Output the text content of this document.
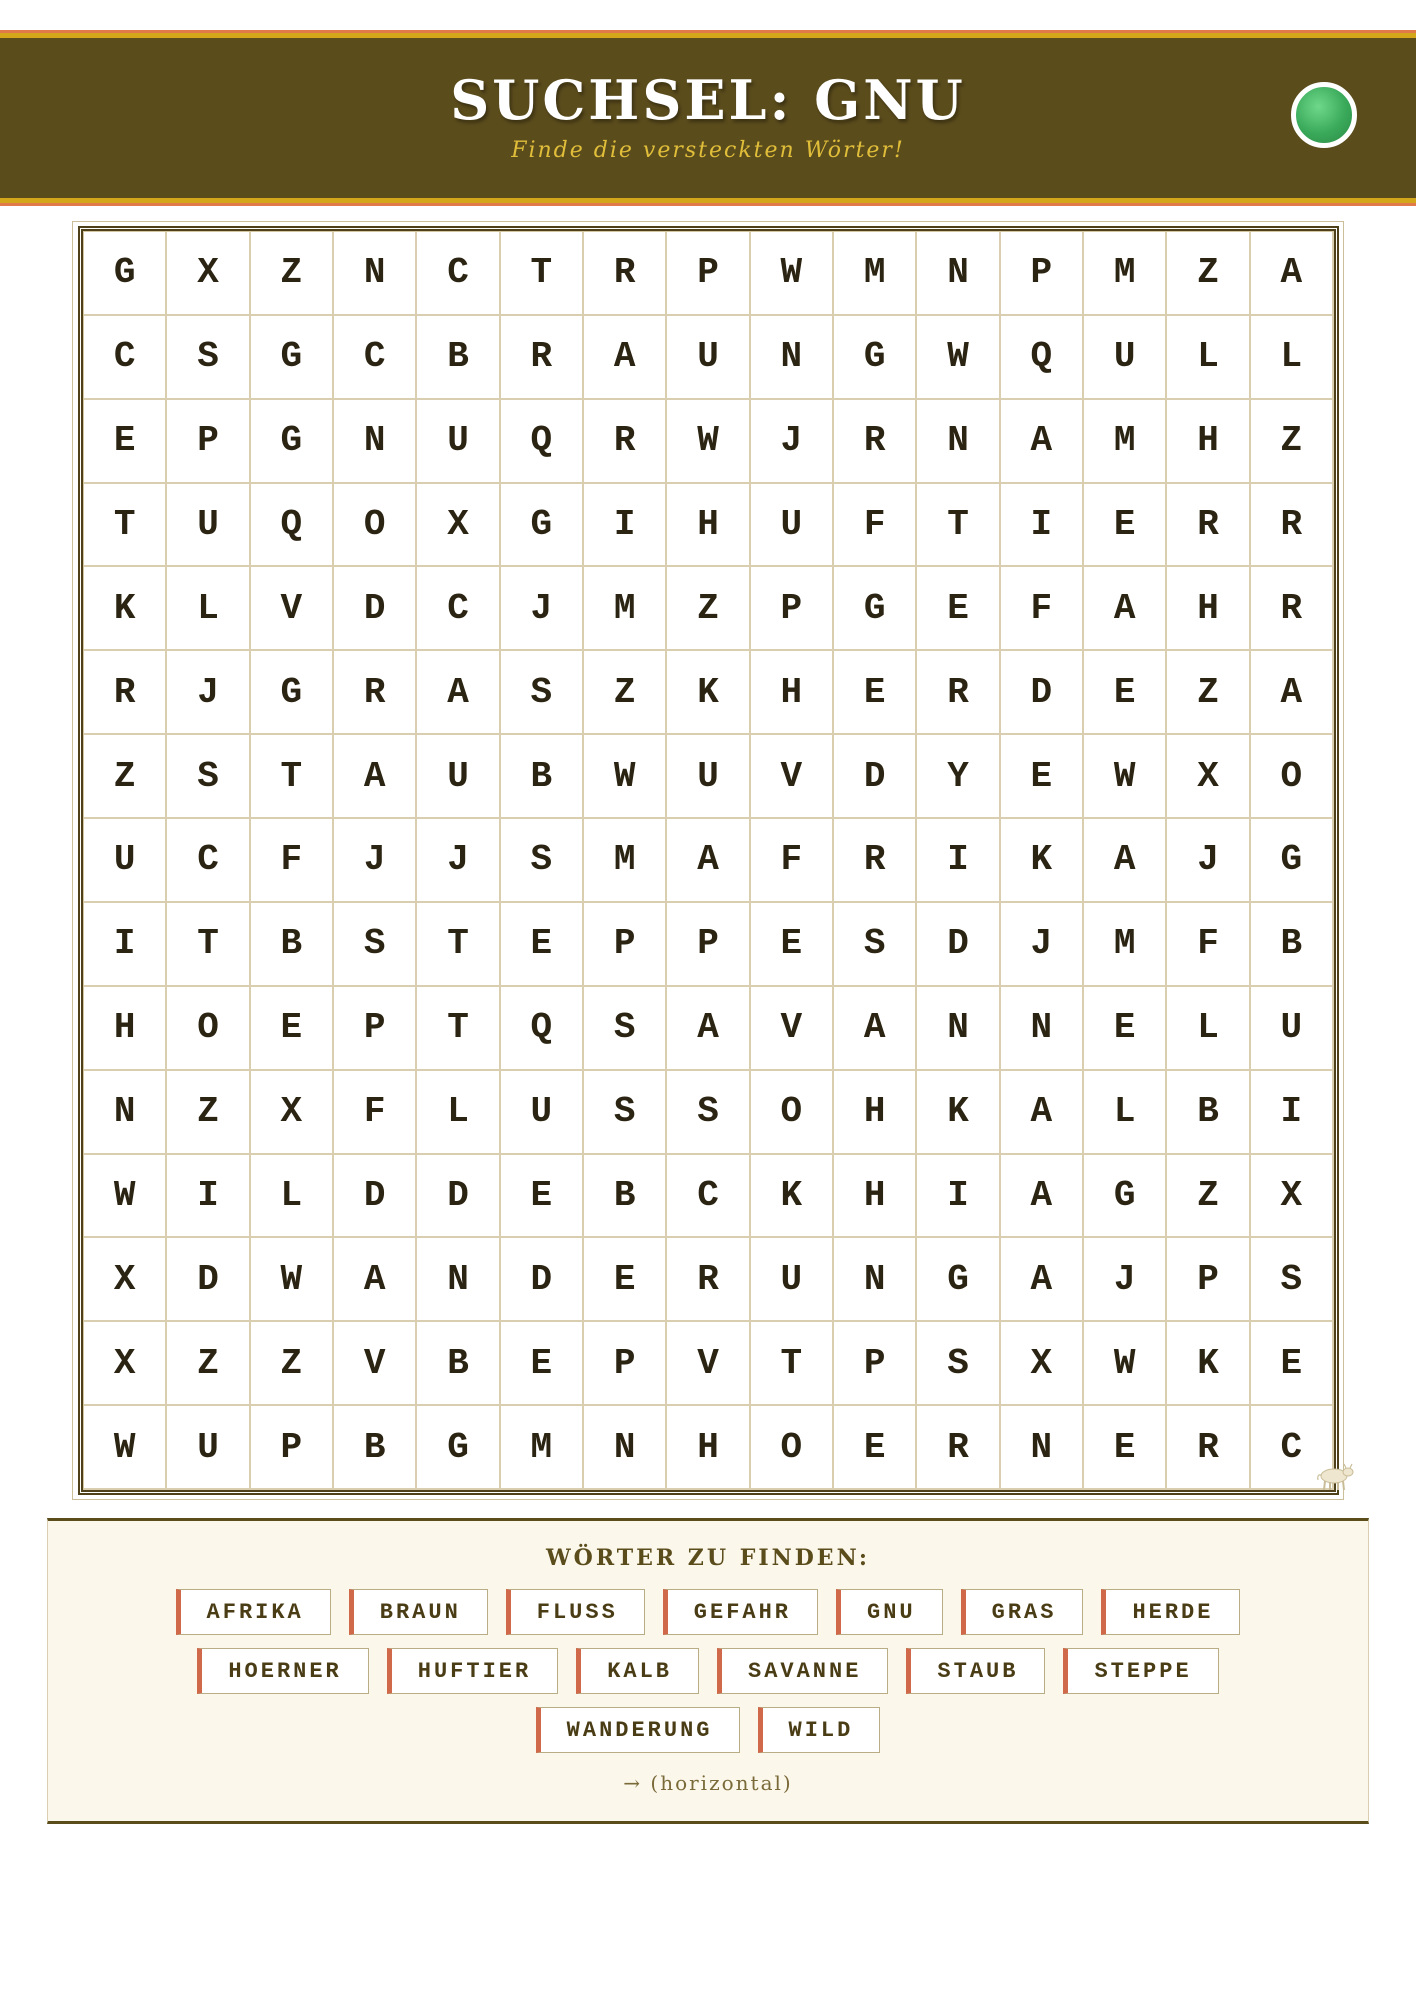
SUCHSEL: GNU
Finde die versteckten Wörter!
G	X	Z	N	C	T	R	P	W	M	N	P	M	Z	A
C	S	G	C	B	R	A	U	N	G	W	Q	U	L	L
E	P	G	N	U	Q	R	W	J	R	N	A	M	H	Z
T	U	Q	O	X	G	I	H	U	F	T	I	E	R	R
K	L	V	D	C	J	M	Z	P	G	E	F	A	H	R
R	J	G	R	A	S	Z	K	H	E	R	D	E	Z	A
Z	S	T	A	U	B	W	U	V	D	Y	E	W	X	O
U	C	F	J	J	S	M	A	F	R	I	K	A	J	G
I	T	B	S	T	E	P	P	E	S	D	J	M	F	B
H	O	E	P	T	Q	S	A	V	A	N	N	E	L	U
N	Z	X	F	L	U	S	S	O	H	K	A	L	B	I
W	I	L	D	D	E	B	C	K	H	I	A	G	Z	X
X	D	W	A	N	D	E	R	U	N	G	A	J	P	S
X	Z	Z	V	B	E	P	V	T	P	S	X	W	K	E
W	U	P	B	G	M	N	H	O	E	R	N	E	R	C
WÖRTER ZU FINDEN:
AFRIKA	BRAUN	FLUSS	GEFAHR	GNU	GRAS	HERDE
HOERNER	HUFTIER	KALB	SAVANNE	STAUB	STEPPE
WANDERUNG	WILD
→ (horizontal)
